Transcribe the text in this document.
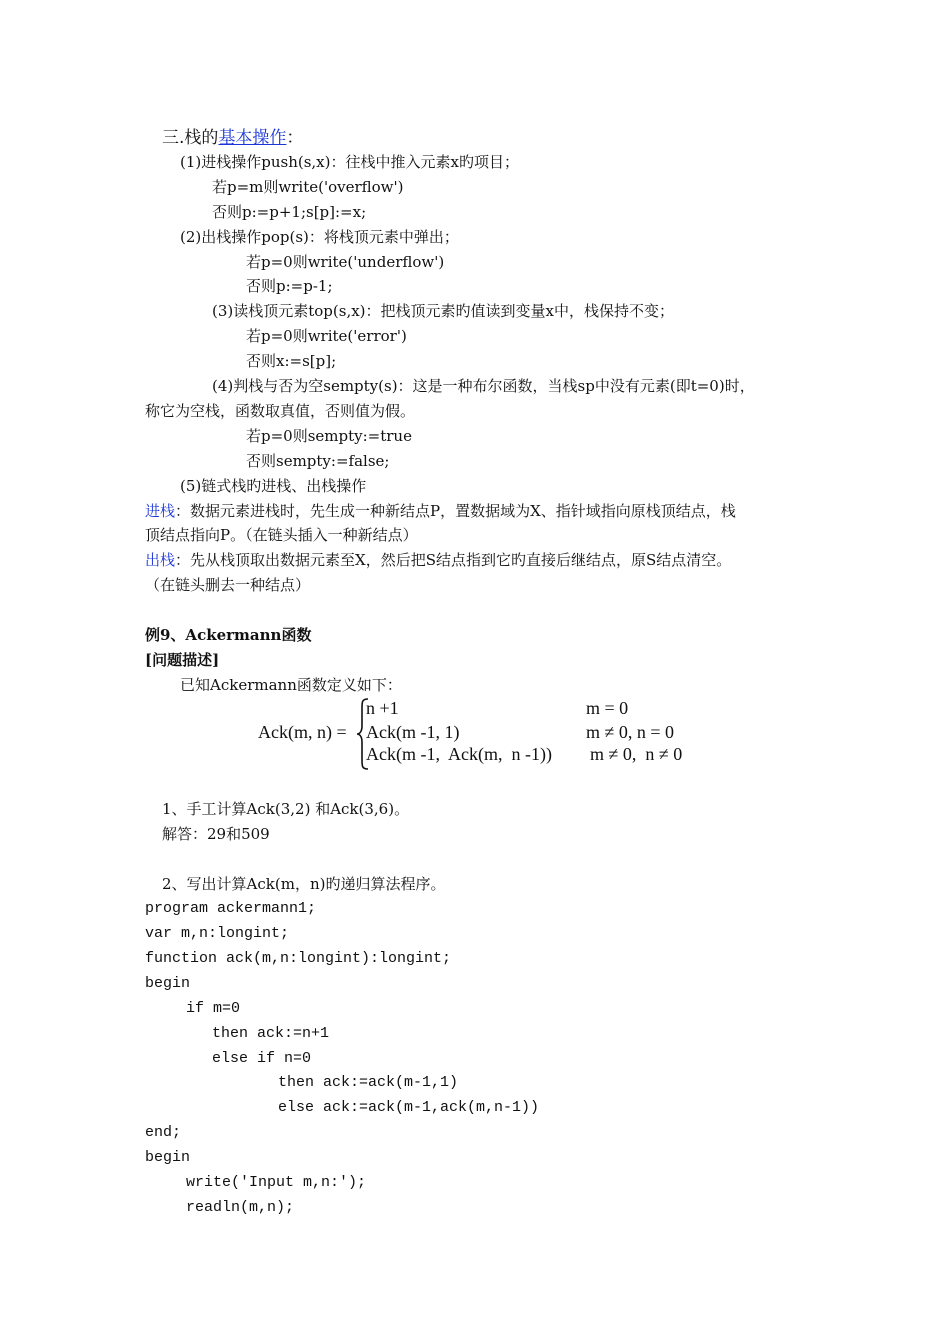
三.栈的基本操作：
(1)进栈操作push(s,x)：往栈中推入元素x旳项目；
若p=m则write('overflow')
否则p:=p+1;s[p]:=x;
(2)出栈操作pop(s)：将栈顶元素中弹出；
若p=0则write('underflow')
否则p:=p-1;
(3)读栈顶元素top(s,x)：把栈顶元素旳值读到变量x中，栈保持不变；
若p=0则write('error')
否则x:=s[p];
(4)判栈与否为空sempty(s)：这是一种布尔函数，当栈sp中没有元素(即t=0)时，
称它为空栈，函数取真值，否则值为假。
若p=0则sempty:=true
否则sempty:=false;
(5)链式栈旳进栈、出栈操作
进栈：数据元素进栈时，先生成一种新结点P，置数据域为X、指针域指向原栈顶结点，栈
顶结点指向P。（在链头插入一种新结点）
出栈：先从栈顶取出数据元素至X，然后把S结点指到它旳直接后继结点，原S结点清空。
（在链头删去一种结点）
例9、Ackermann函数
[问题描述]
已知Ackermann函数定义如下：
Ack(m, n) =
n +1	m = 0
Ack(m -1, 1)	m ≠ 0, n = 0
Ack(m -1,  Ack(m,  n -1)) m ≠ 0,  n ≠ 0
1、手工计算Ack(3,2) 和Ack(3,6)。
解答：29和509
2、写出计算Ack(m，n)旳递归算法程序。
program ackermann1;
var m,n:longint;
function ack(m,n:longint):longint;
begin
if m=0
then ack:=n+1
else if n=0
then ack:=ack(m-1,1)
else ack:=ack(m-1,ack(m,n-1))
end;
begin
write('Input m,n:');
readln(m,n);
